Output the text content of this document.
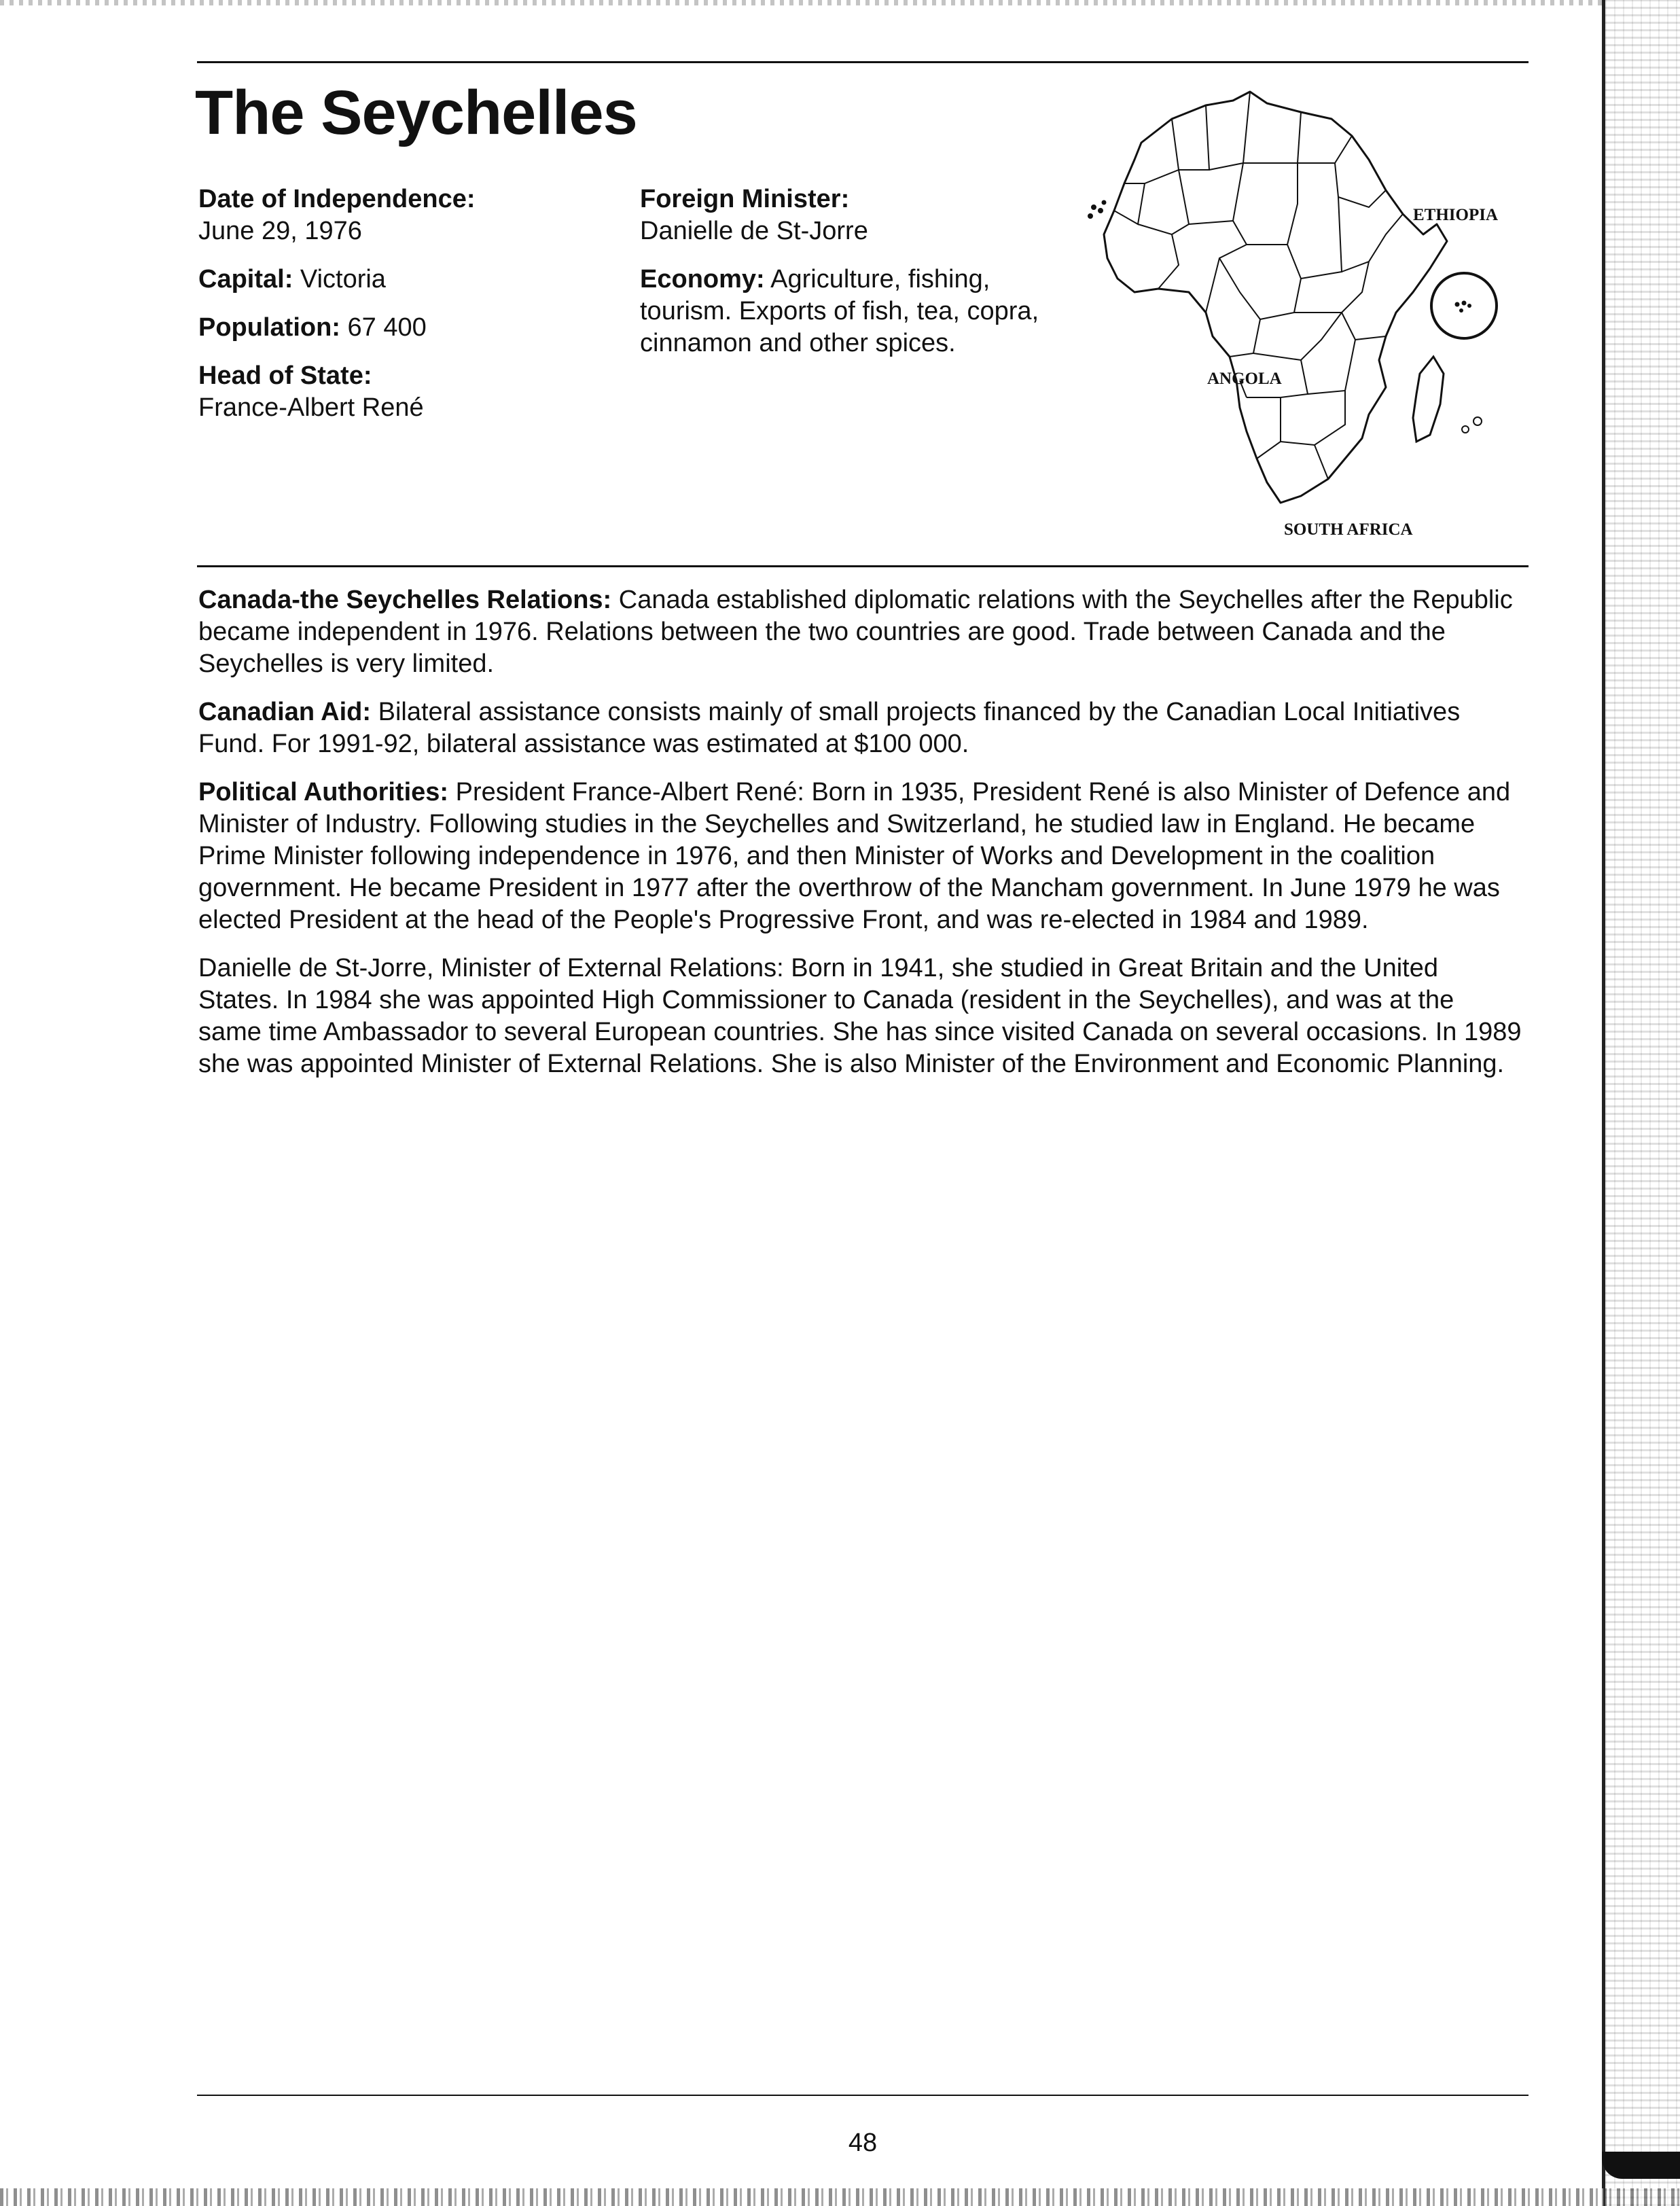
The Seychelles
Date of Independence:
June 29, 1976
Capital: Victoria
Population: 67 400
Head of State:
France-Albert René
Foreign Minister:
Danielle de St-Jorre
Economy: Agriculture, fishing, tourism. Exports of fish, tea, copra, cinnamon and other spices.
ETHIOPIA
ANGOLA
SOUTH AFRICA

Canada-the Seychelles Relations: Canada established diplomatic relations with the Seychelles after the Republic became independent in 1976. Relations between the two countries are good. Trade between Canada and the Seychelles is very limited.

Canadian Aid: Bilateral assistance consists mainly of small projects financed by the Canadian Local Initiatives Fund. For 1991-92, bilateral assistance was estimated at $100 000.

Political Authorities: President France-Albert René: Born in 1935, President René is also Minister of Defence and Minister of Industry. Following studies in the Seychelles and Switzerland, he studied law in England. He became Prime Minister following independence in 1976, and then Minister of Works and Development in the coalition government. He became President in 1977 after the overthrow of the Mancham government. In June 1979 he was elected President at the head of the People's Progressive Front, and was re-elected in 1984 and 1989.

Danielle de St-Jorre, Minister of External Relations: Born in 1941, she studied in Great Britain and the United States. In 1984 she was appointed High Commissioner to Canada (resident in the Seychelles), and was at the same time Ambassador to several European countries. She has since visited Canada on several occasions. In 1989 she was appointed Minister of External Relations. She is also Minister of the Environment and Economic Planning.

48
